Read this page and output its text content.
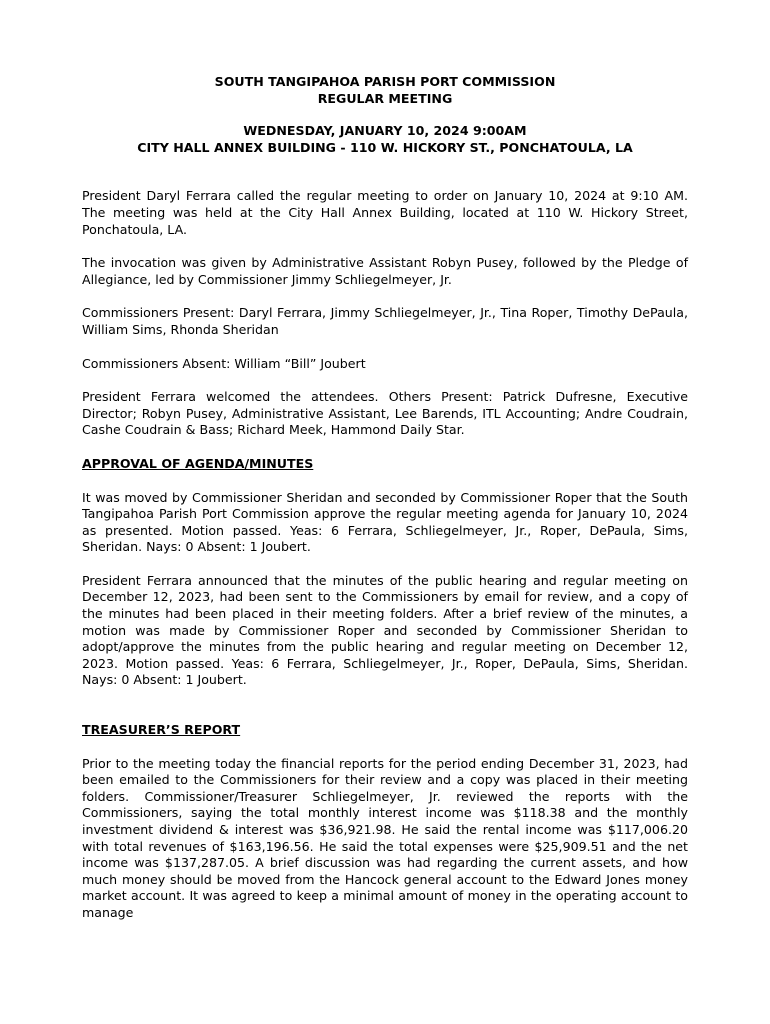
SOUTH TANGIPAHOA PARISH PORT COMMISSION
REGULAR MEETING
WEDNESDAY, JANUARY 10, 2024 9:00AM
CITY HALL ANNEX BUILDING - 110 W. HICKORY ST., PONCHATOULA, LA

President Daryl Ferrara called the regular meeting to order on January 10, 2024 at 9:10 AM. The meeting was held at the City Hall Annex Building, located at 110 W. Hickory Street, Ponchatoula, LA.

The invocation was given by Administrative Assistant Robyn Pusey, followed by the Pledge of Allegiance, led by Commissioner Jimmy Schliegelmeyer, Jr.

Commissioners Present: Daryl Ferrara, Jimmy Schliegelmeyer, Jr., Tina Roper, Timothy DePaula, William Sims, Rhonda Sheridan

Commissioners Absent: William “Bill” Joubert

President Ferrara welcomed the attendees. Others Present: Patrick Dufresne, Executive Director; Robyn Pusey, Administrative Assistant, Lee Barends, ITL Accounting; Andre Coudrain, Cashe Coudrain & Bass; Richard Meek, Hammond Daily Star.

APPROVAL OF AGENDA/MINUTES

It was moved by Commissioner Sheridan and seconded by Commissioner Roper that the South Tangipahoa Parish Port Commission approve the regular meeting agenda for January 10, 2024 as presented. Motion passed. Yeas: 6 Ferrara, Schliegelmeyer, Jr., Roper, DePaula, Sims, Sheridan. Nays: 0 Absent: 1 Joubert.

President Ferrara announced that the minutes of the public hearing and regular meeting on December 12, 2023, had been sent to the Commissioners by email for review, and a copy of the minutes had been placed in their meeting folders. After a brief review of the minutes, a motion was made by Commissioner Roper and seconded by Commissioner Sheridan to adopt/approve the minutes from the public hearing and regular meeting on December 12, 2023. Motion passed. Yeas: 6 Ferrara, Schliegelmeyer, Jr., Roper, DePaula, Sims, Sheridan. Nays: 0 Absent: 1 Joubert.

TREASURER’S REPORT

Prior to the meeting today the financial reports for the period ending December 31, 2023, had been emailed to the Commissioners for their review and a copy was placed in their meeting folders. Commissioner/Treasurer Schliegelmeyer, Jr. reviewed the reports with the Commissioners, saying the total monthly interest income was $118.38 and the monthly investment dividend & interest was $36,921.98. He said the rental income was $117,006.20 with total revenues of $163,196.56. He said the total expenses were $25,909.51 and the net income was $137,287.05. A brief discussion was had regarding the current assets, and how much money should be moved from the Hancock general account to the Edward Jones money market account. It was agreed to keep a minimal amount of money in the operating account to manage
